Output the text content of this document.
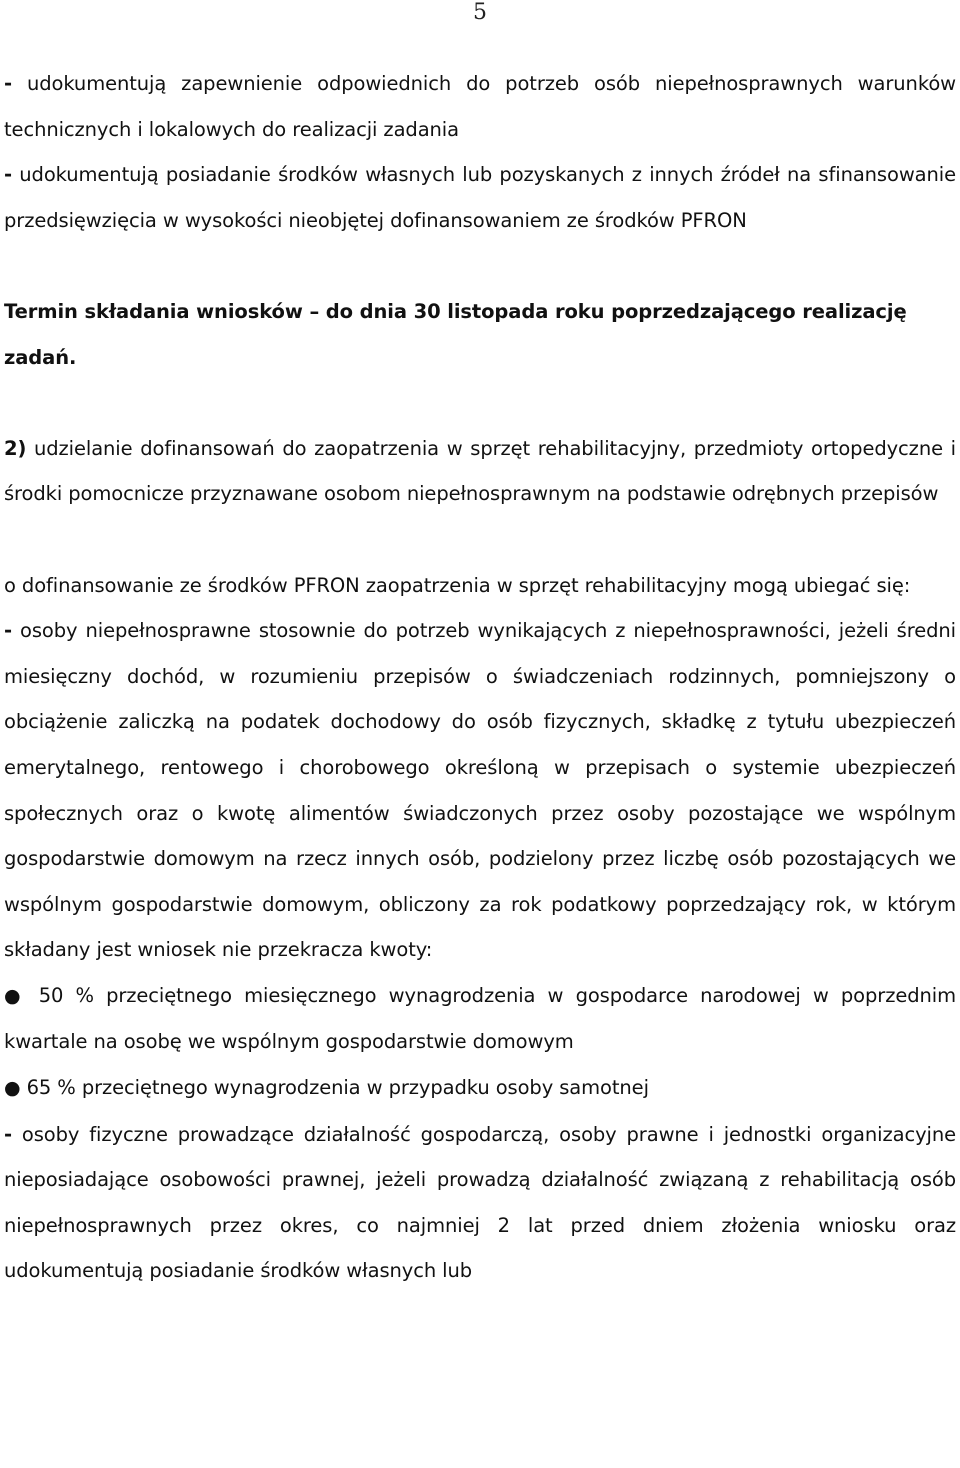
5

- udokumentują zapewnienie odpowiednich do potrzeb osób niepełnosprawnych warunków technicznych i lokalowych do realizacji zadania

- udokumentują posiadanie środków własnych lub pozyskanych z innych źródeł na sfinansowanie przedsięwzięcia w wysokości nieobjętej dofinansowaniem ze środków PFRON

Termin składania wniosków – do dnia 30 listopada roku poprzedzającego realizację zadań.

2) udzielanie dofinansowań do zaopatrzenia w sprzęt rehabilitacyjny, przedmioty ortopedyczne i środki pomocnicze przyznawane osobom niepełnosprawnym na podstawie odrębnych przepisów

o dofinansowanie ze środków PFRON zaopatrzenia w sprzęt rehabilitacyjny mogą ubiegać się:

- osoby niepełnosprawne stosownie do potrzeb wynikających z niepełnosprawności, jeżeli średni miesięczny dochód, w rozumieniu przepisów o świadczeniach rodzinnych, pomniejszony o obciążenie zaliczką na podatek dochodowy do osób fizycznych, składkę z tytułu ubezpieczeń emerytalnego, rentowego i chorobowego określoną w przepisach o systemie ubezpieczeń społecznych oraz o kwotę alimentów świadczonych przez osoby pozostające we wspólnym gospodarstwie domowym na rzecz innych osób, podzielony przez liczbę osób pozostających we wspólnym gospodarstwie domowym, obliczony za rok podatkowy poprzedzający rok, w którym składany jest wniosek nie przekracza kwoty:

● 50 % przeciętnego miesięcznego wynagrodzenia w gospodarce narodowej w poprzednim kwartale na osobę we wspólnym gospodarstwie domowym

● 65 % przeciętnego wynagrodzenia w przypadku osoby samotnej

- osoby fizyczne prowadzące działalność gospodarczą, osoby prawne i jednostki organizacyjne nieposiadające osobowości prawnej, jeżeli prowadzą działalność związaną z rehabilitacją osób niepełnosprawnych przez okres, co najmniej 2 lat przed dniem złożenia wniosku oraz udokumentują posiadanie środków własnych lub
